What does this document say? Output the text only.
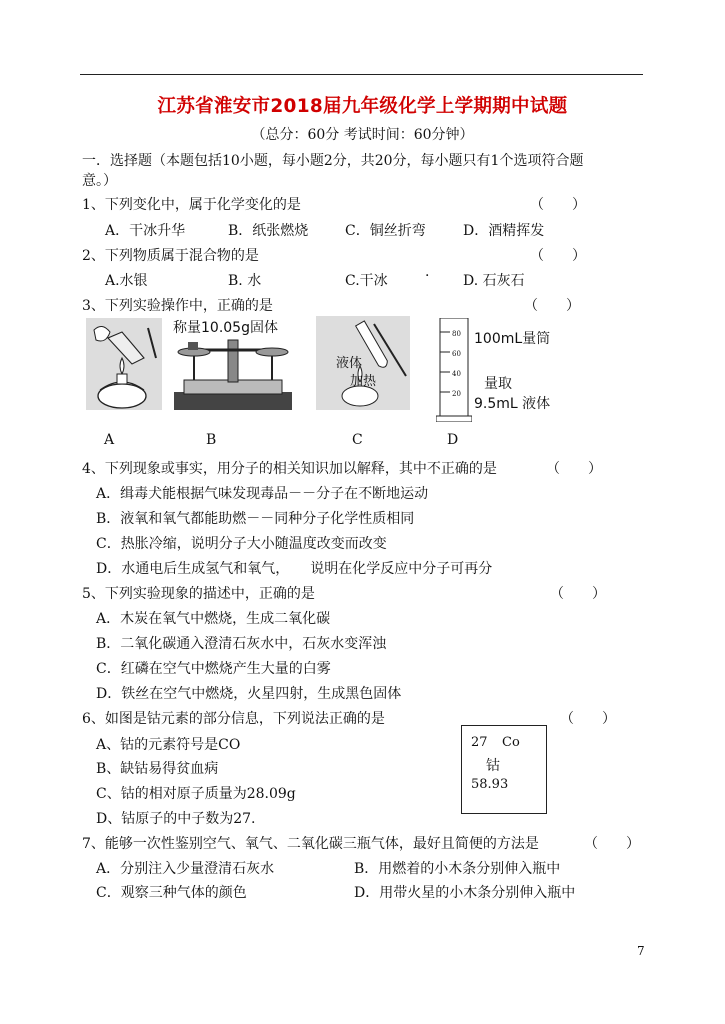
江苏省淮安市2018届九年级化学上学期期中试题
（总分：60分 考试时间：60分钟）
一．选择题（本题包括10小题，每小题2分，共20分，每小题只有1个选项符合题
意。）
1、下列变化中，属于化学变化的是	（　　）
A．干冰升华	B．纸张燃烧	C．铜丝折弯	D．酒精挥发
2、下列物质属于混合物的是	（　　）
A.水银	B. 水	C.干冰	· D. 石灰石
3、下列实验操作中，正确的是	（　　）
称量10.05g固体
液体
加热
80
60
40
20
100mL量筒
量取
9.5mL 液体
A	B	C	D
4、下列现象或事实，用分子的相关知识加以解释，其中不正确的是	（　　）
A．缉毒犬能根据气味发现毒品－－分子在不断地运动
B．液氧和氧气都能助燃－－同种分子化学性质相同
C．热胀冷缩，说明分子大小随温度改变而改变
D．水通电后生成氢气和氧气，　　说明在化学反应中分子可再分
5、下列实验现象的描述中，正确的是	（　　）
A．木炭在氧气中燃烧，生成二氧化碳
B．二氧化碳通入澄清石灰水中，石灰水变浑浊
C．红磷在空气中燃烧产生大量的白雾
D．铁丝在空气中燃烧，火星四射，生成黑色固体
6、如图是钴元素的部分信息，下列说法正确的是	（　　）
A、钴的元素符号是CO
B、缺钴易得贫血病
C、钴的相对原子质量为28.09g
D、钴原子的中子数为27.
27 Co
钴
58.93
7、能够一次性鉴别空气、氧气、二氧化碳三瓶气体，最好且简便的方法是	（　　）
A．分别注入少量澄清石灰水	B．用燃着的小木条分别伸入瓶中
C．观察三种气体的颜色	D．用带火星的小木条分别伸入瓶中
7
